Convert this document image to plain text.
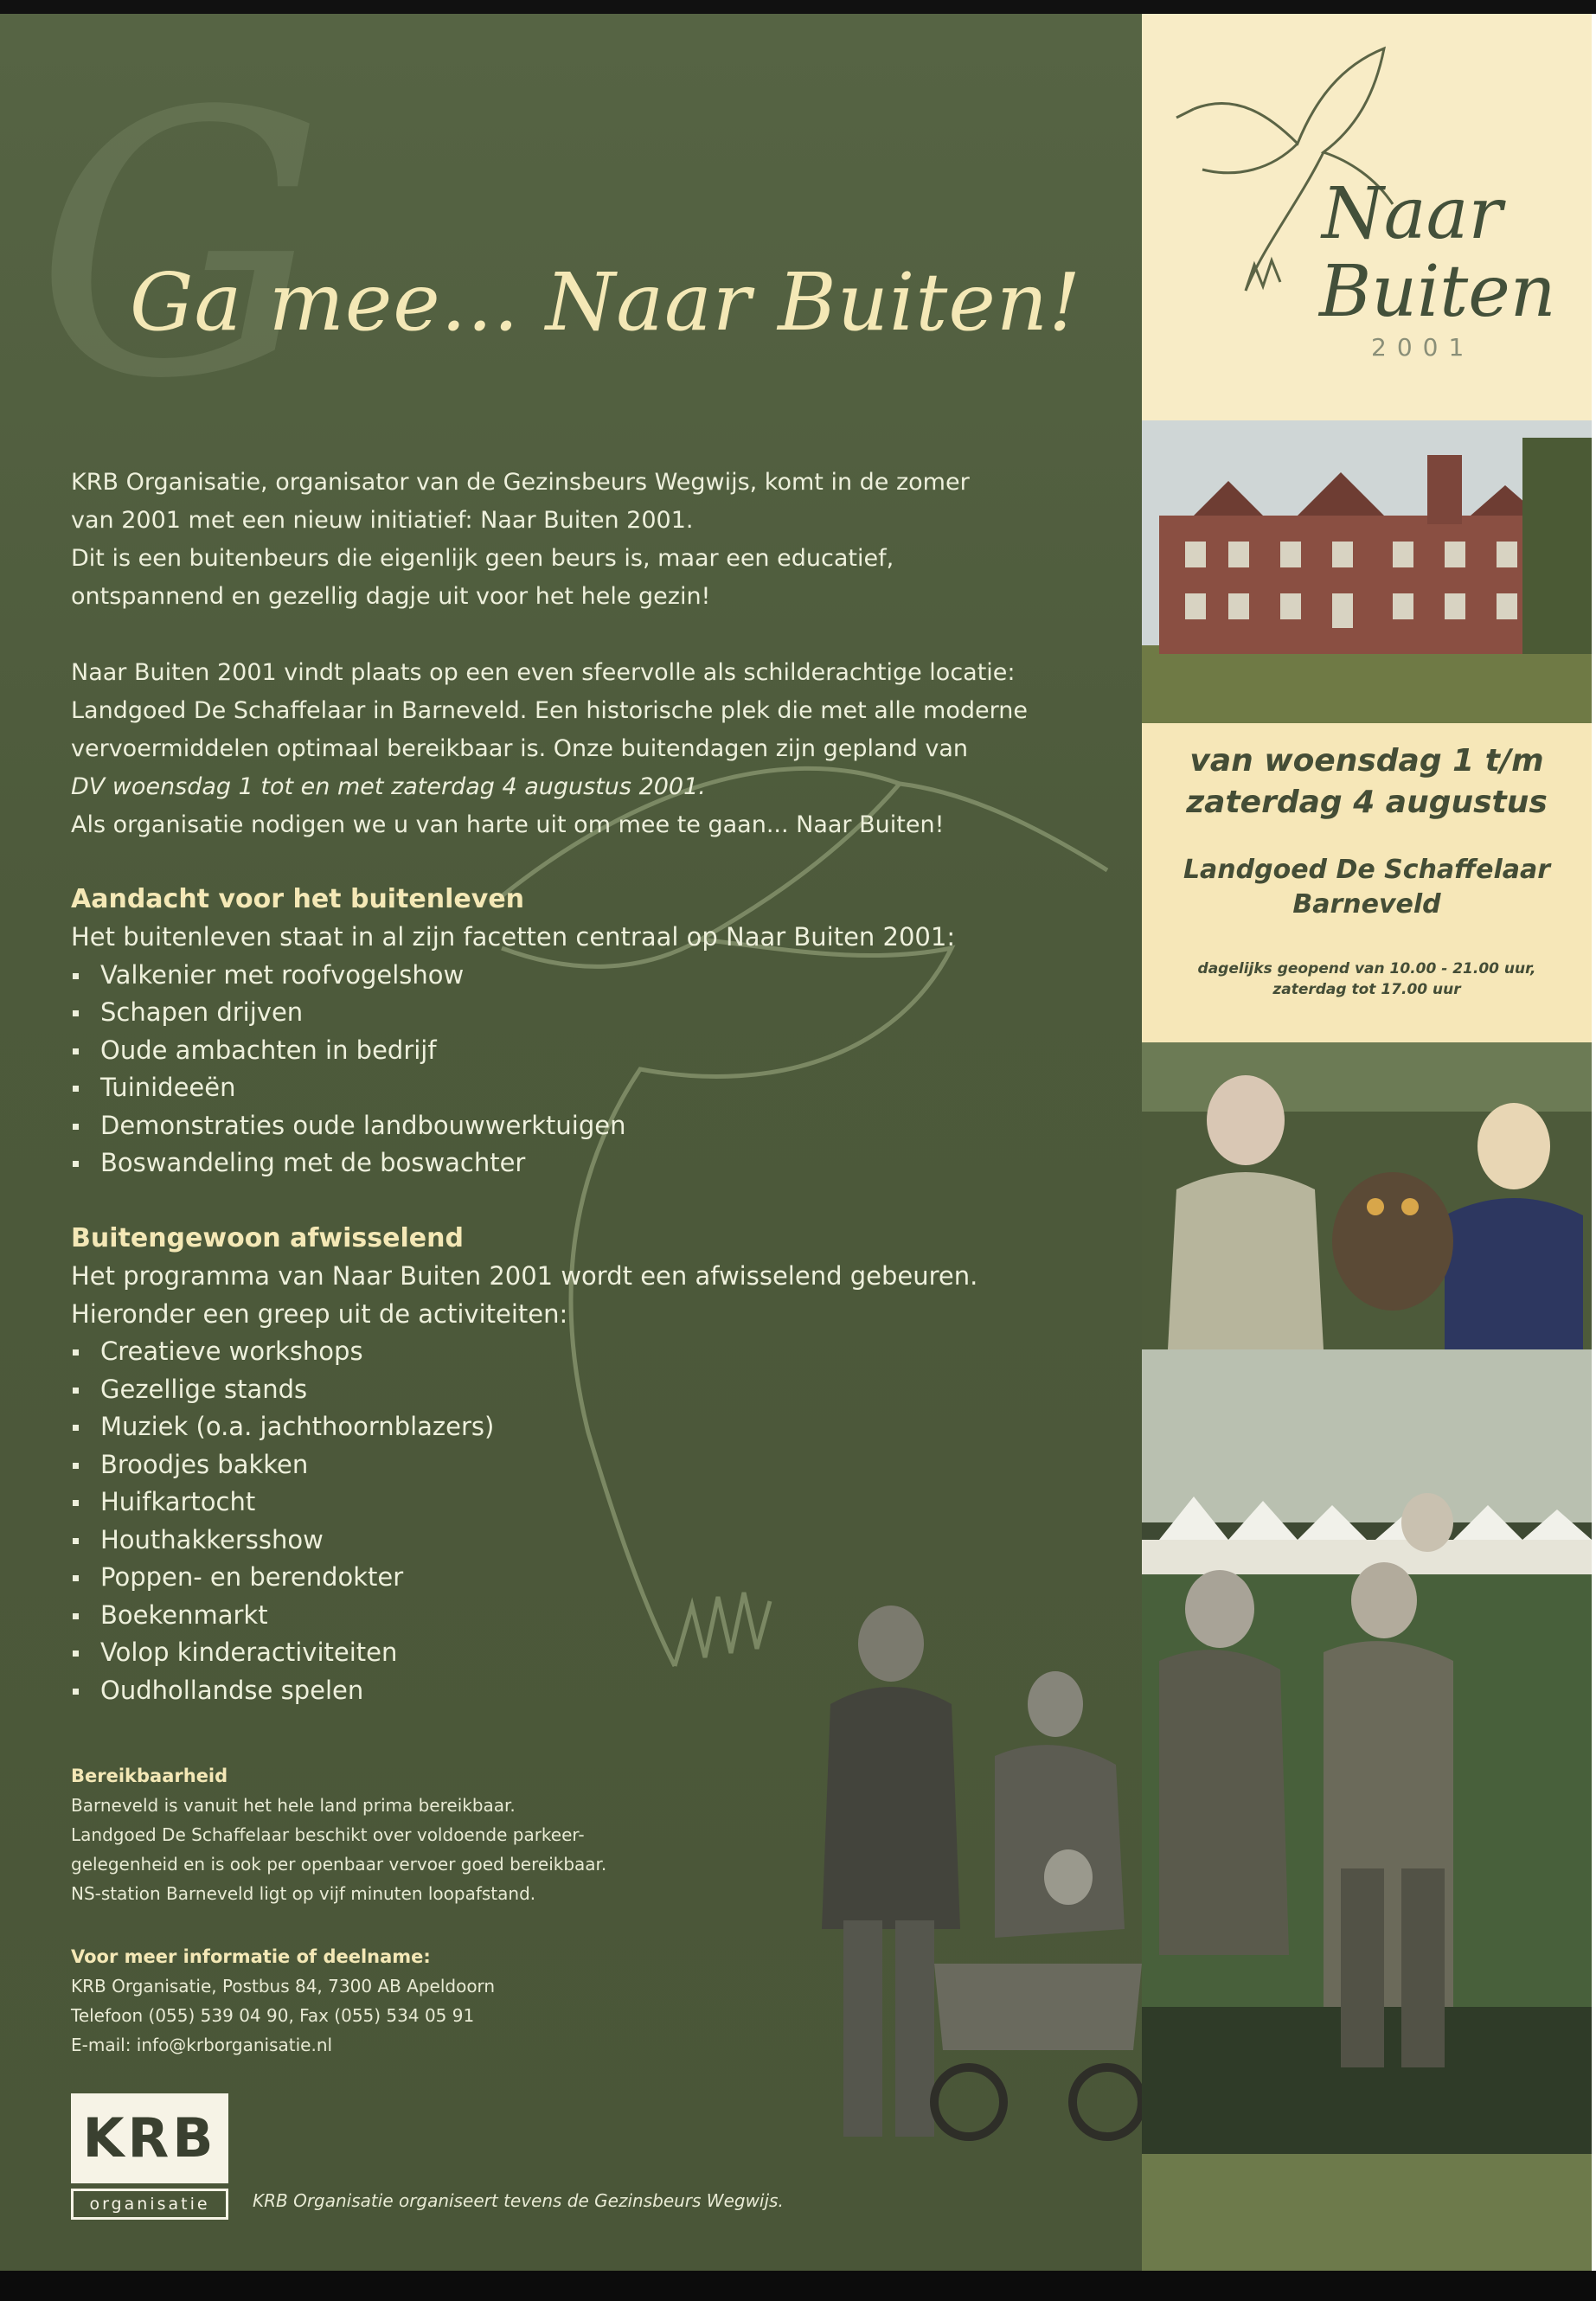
G
Ga mee... Naar Buiten!

KRB Organisatie, organisator van de Gezinsbeurs Wegwijs, komt in de zomer
van 2001 met een nieuw initiatief: Naar Buiten 2001.
Dit is een buitenbeurs die eigenlijk geen beurs is, maar een educatief,
ontspannend en gezellig dagje uit voor het hele gezin!

Naar Buiten 2001 vindt plaats op een even sfeervolle als schilderachtige locatie:
Landgoed De Schaffelaar in Barneveld. Een historische plek die met alle moderne
vervoermiddelen optimaal bereikbaar is. Onze buitendagen zijn gepland van
DV woensdag 1 tot en met zaterdag 4 augustus 2001.
Als organisatie nodigen we u van harte uit om mee te gaan... Naar Buiten!

Aandacht voor het buitenleven

Het buitenleven staat in al zijn facetten centraal op Naar Buiten 2001:

Valkenier met roofvogelshow
Schapen drijven
Oude ambachten in bedrijf
Tuinideeën
Demonstraties oude landbouwwerktuigen
Boswandeling met de boswachter
Buitengewoon afwisselend

Het programma van Naar Buiten 2001 wordt een afwisselend gebeuren.

Hieronder een greep uit de activiteiten:

Creatieve workshops
Gezellige stands
Muziek (o.a. jachthoornblazers)
Broodjes bakken
Huifkartocht
Houthakkersshow
Poppen- en berendokter
Boekenmarkt
Volop kinderactiviteiten
Oudhollandse spelen
Bereikbaarheid

Barneveld is vanuit het hele land prima bereikbaar.

Landgoed De Schaffelaar beschikt over voldoende parkeer-

gelegenheid en is ook per openbaar vervoer goed bereikbaar.

NS-station Barneveld ligt op vijf minuten loopafstand.

Voor meer informatie of deelname:

KRB Organisatie, Postbus 84, 7300 AB Apeldoorn

Telefoon (055) 539 04 90, Fax (055) 534 05 91

E-mail: info@krborganisatie.nl

KRB
organisatie	KRB Organisatie organiseert tevens de Gezinsbeurs Wegwijs.
Naar
Buiten
2001
van woensdag 1 t/m
zaterdag 4 augustus
Landgoed De Schaffelaar
Barneveld
dagelijks geopend van 10.00 - 21.00 uur,
zaterdag tot 17.00 uur
